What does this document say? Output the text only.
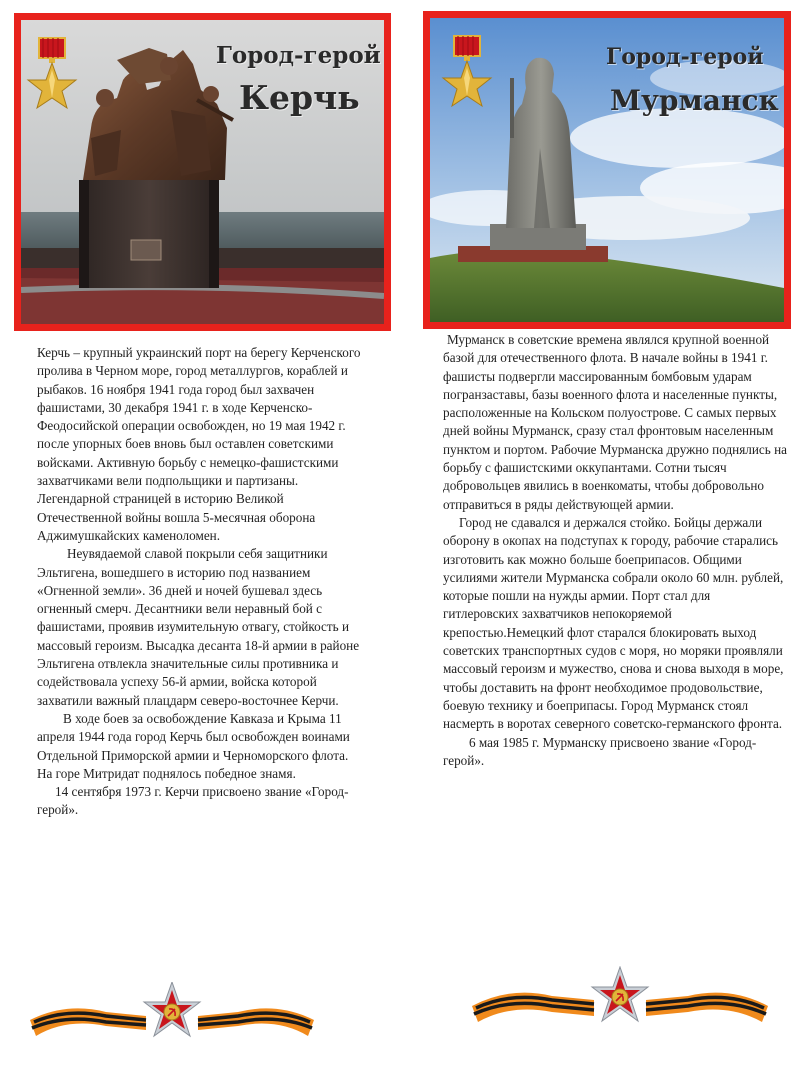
Город-герой
Керчь
Город-герой
Мурманск

Керчь – крупный украинский порт на берегу Керченского пролива в Черном море, город металлургов, кораблей и рыбаков. 16 ноября 1941 года город был захвачен фашистами, 30 декабря 1941 г. в ходе Керченско-Феодосийской операции освобожден, но 19 мая 1942 г. после упорных боев вновь был оставлен советскими войсками. Активную борьбу с немецко-фашистскими захватчиками вели подпольщики и партизаны. Легендарной страницей в историю Великой Отечественной войны вошла 5-месячная оборона Аджимушкайских каменоломен.

Неувядаемой славой покрыли себя защитники Эльтигена, вошедшего в историю под названием «Огненной земли». 36 дней и ночей бушевал здесь огненный смерч. Десантники вели неравный бой с фашистами, проявив изумительную отвагу, стойкость и массовый героизм. Высадка десанта 18-й армии в районе Эльтигена отвлекла значительные силы противника и содействовала успеху 56-й армии, войска которой захватили важный плацдарм северо-восточнее Керчи.

В ходе боев за освобождение Кавказа и Крыма 11 апреля 1944 года город Керчь был освобожден воинами Отдельной Приморской армии и Черноморского флота. На горе Митридат поднялось победное знамя.

14 сентября 1973 г. Керчи присвоено звание «Город-герой».

Мурманск в советские времена являлся крупной военной базой для отечественного флота. В начале войны в 1941 г. фашисты подвергли массированным бомбовым ударам погранзаставы, базы военного флота и населенные пункты, расположенные на Кольском полуострове. С самых первых дней войны Мурманск, сразу стал фронтовым населенным пунктом и портом. Рабочие Мурманска дружно поднялись на борьбу с фашистскими оккупантами. Сотни тысяч добровольцев явились в военкоматы, чтобы добровольно отправиться в ряды действующей армии.

Город не сдавался и держался стойко. Бойцы держали оборону в окопах на подступах к городу, рабочие старались изготовить как можно больше боеприпасов. Общими усилиями жители Мурманска собрали около 60 млн. рублей, которые пошли на нужды армии. Порт стал для гитлеровских захватчиков непокоряемой крепостью.Немецкий флот старался блокировать выход советских транспортных судов с моря, но моряки проявляли массовый героизм и мужество, снова и снова выходя в море, чтобы доставить на фронт необходимое продовольствие, боевую технику и боеприпасы. Город Мурманск стоял насмерть в воротах северного советско-германского фронта.

6 мая 1985 г. Мурманску присвоено звание «Город-герой».
